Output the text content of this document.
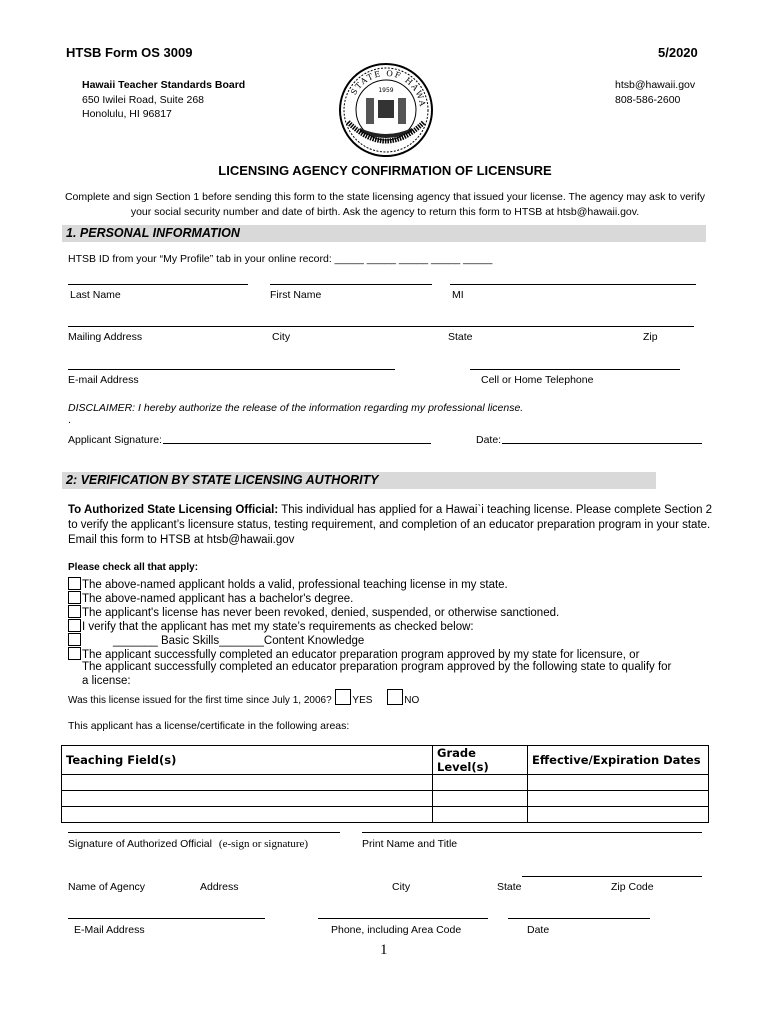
HTSB Form OS 3009	5/2020
Hawaii Teacher Standards Board
650 Iwilei Road, Suite 268
Honolulu, HI 96817
htsb@hawaii.gov
808-586-2600
STATE OF HAWA
1959
LICENSING AGENCY CONFIRMATION OF LICENSURE
Complete and sign Section 1 before sending this form to the state licensing agency that issued your license. The agency may ask to verify
your social security number and date of birth. Ask the agency to return this form to HTSB at htsb@hawaii.gov.
1. PERSONAL INFORMATION
HTSB ID from your “My Profile” tab in your online record: _____ _____ _____ _____ _____
Last Name	First Name	MI
Mailing Address	City	State	Zip
E-mail Address	Cell or Home Telephone
DISCLAIMER: I hereby authorize the release of the information regarding my professional license.
.
Applicant Signature:	Date:
2: VERIFICATION BY STATE LICENSING AUTHORITY
To Authorized State Licensing Official: This individual has applied for a Hawai`i teaching license. Please complete Section 2
to verify the applicant’s licensure status, testing requirement, and completion of an educator preparation program in your state.
Email this form to HTSB at htsb@hawaii.gov
Please check all that apply:
The above-named applicant holds a valid, professional teaching license in my state.
The above-named applicant has a bachelor's degree.
The applicant's license has never been revoked, denied, suspended, or otherwise sanctioned.
I verify that the applicant has met my state’s requirements as checked below:
_______ Basic Skills_______Content Knowledge
The applicant successfully completed an educator preparation program approved by my state for licensure, or
The applicant successfully completed an educator preparation program approved by the following state to qualify for
a license:
Was this license issued for the first time since July 1, 2006? YES	NO
This applicant has a license/certificate in the following areas:
Teaching Field(s)	Grade Level(s)	Effective/Expiration Dates

Signature of Authorized Official (e-sign or signature)	Print Name and Title
Name of Agency	Address	City	State	Zip Code
E-Mail Address	Phone, including Area Code	Date
1
